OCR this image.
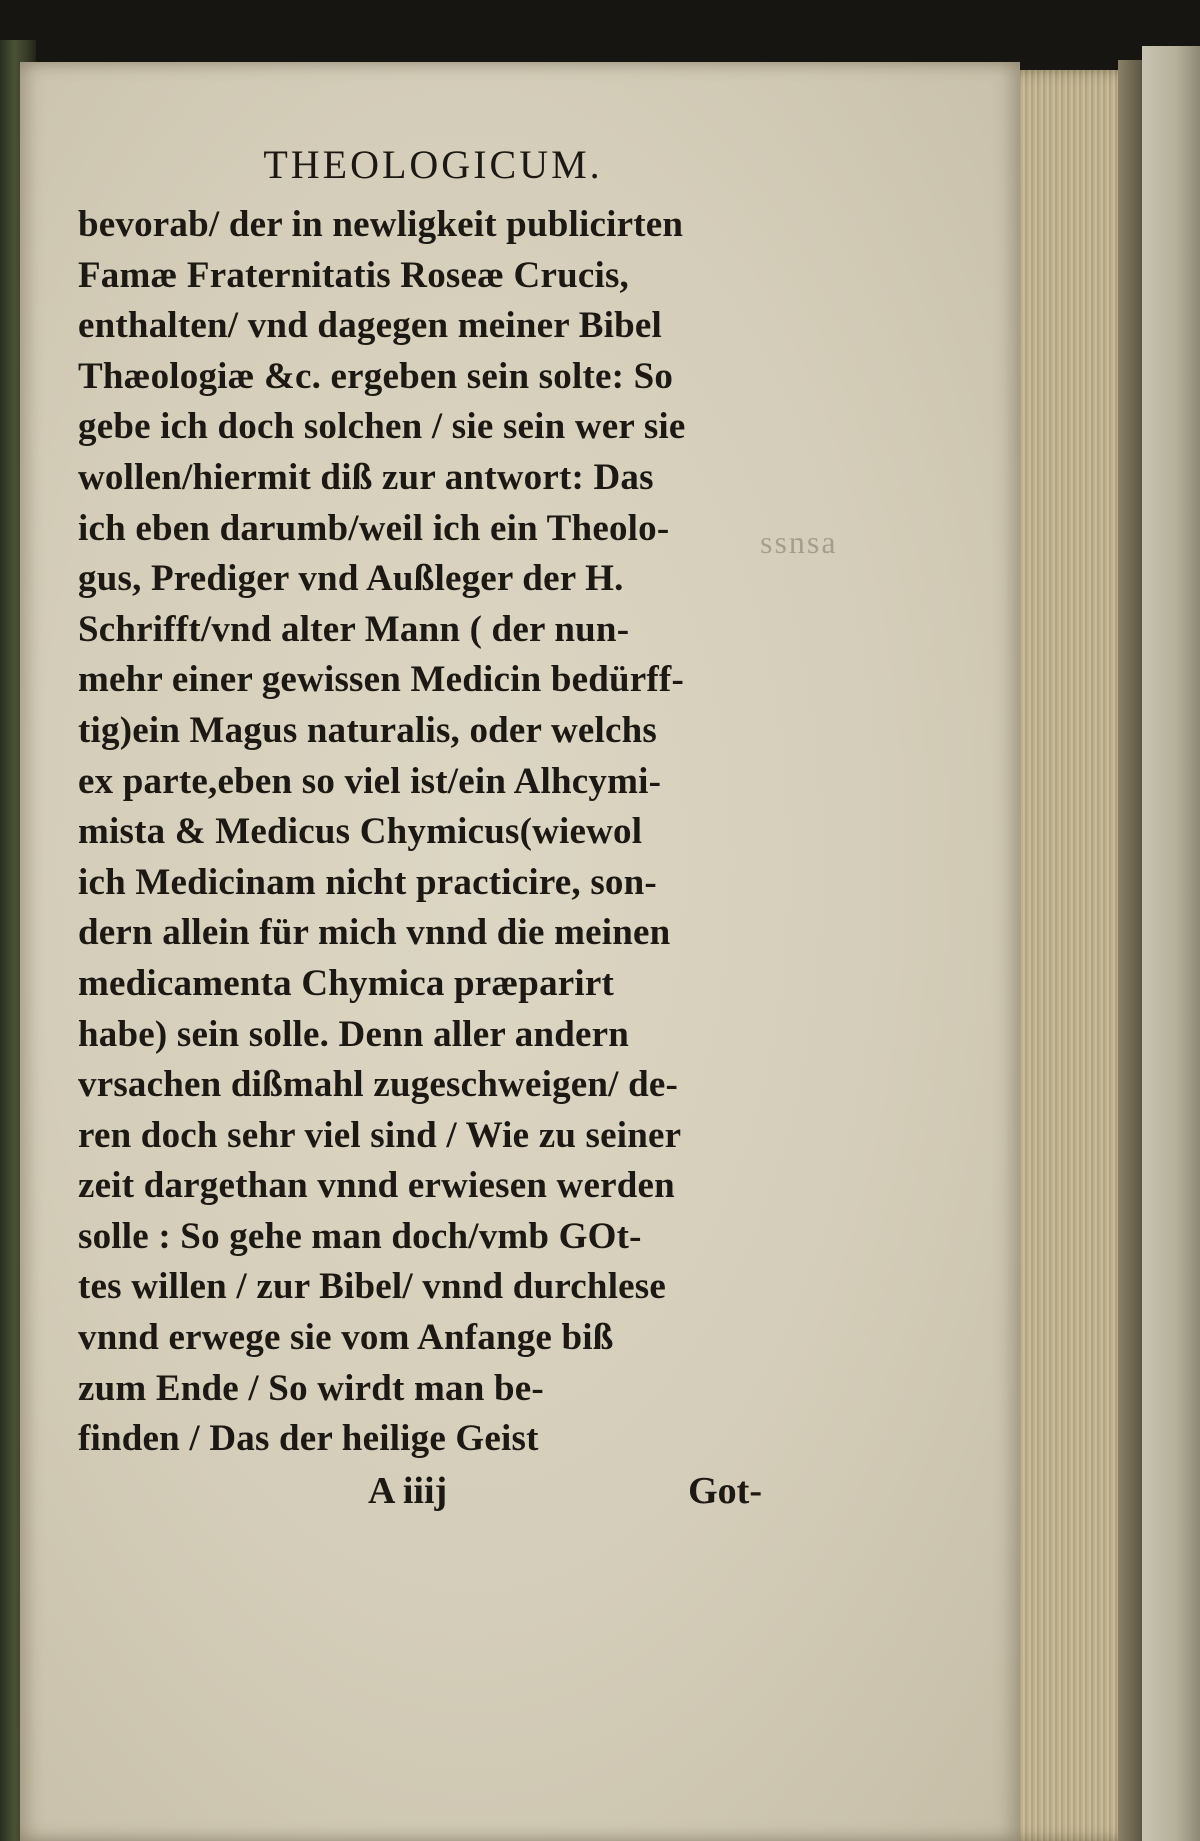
ssnsa
THEOLOGICUM.
bevorab/ der in newligkeit publicirten
Famæ Fraternitatis Roseæ Crucis,
enthalten/ vnd dagegen meiner Bibel
Thæologiæ &c. ergeben sein solte: So
gebe ich doch solchen / sie sein wer sie
wollen/hiermit diß zur antwort: Das
ich eben darumb/weil ich ein Theolo-
gus, Prediger vnd Außleger der H.
Schrifft/vnd alter Mann ( der nun-
mehr einer gewissen Medicin bedürff-
tig)ein Magus naturalis, oder welchs
ex parte,eben so viel ist/ein Alhcymi-
mista & Medicus Chymicus(wiewol
ich Medicinam nicht practicire, son-
dern allein für mich vnnd die meinen
medicamenta Chymica præparirt
habe) sein solle. Denn aller andern
vrsachen dißmahl zugeschweigen/ de-
ren doch sehr viel sind / Wie zu seiner
zeit dargethan vnnd erwiesen werden
solle : So gehe man doch/vmb GOt-
tes willen / zur Bibel/ vnnd durchlese
vnnd erwege sie vom Anfange biß
zum Ende / So wirdt man be-
finden / Das der heilige Geist
A iiij	Got-
